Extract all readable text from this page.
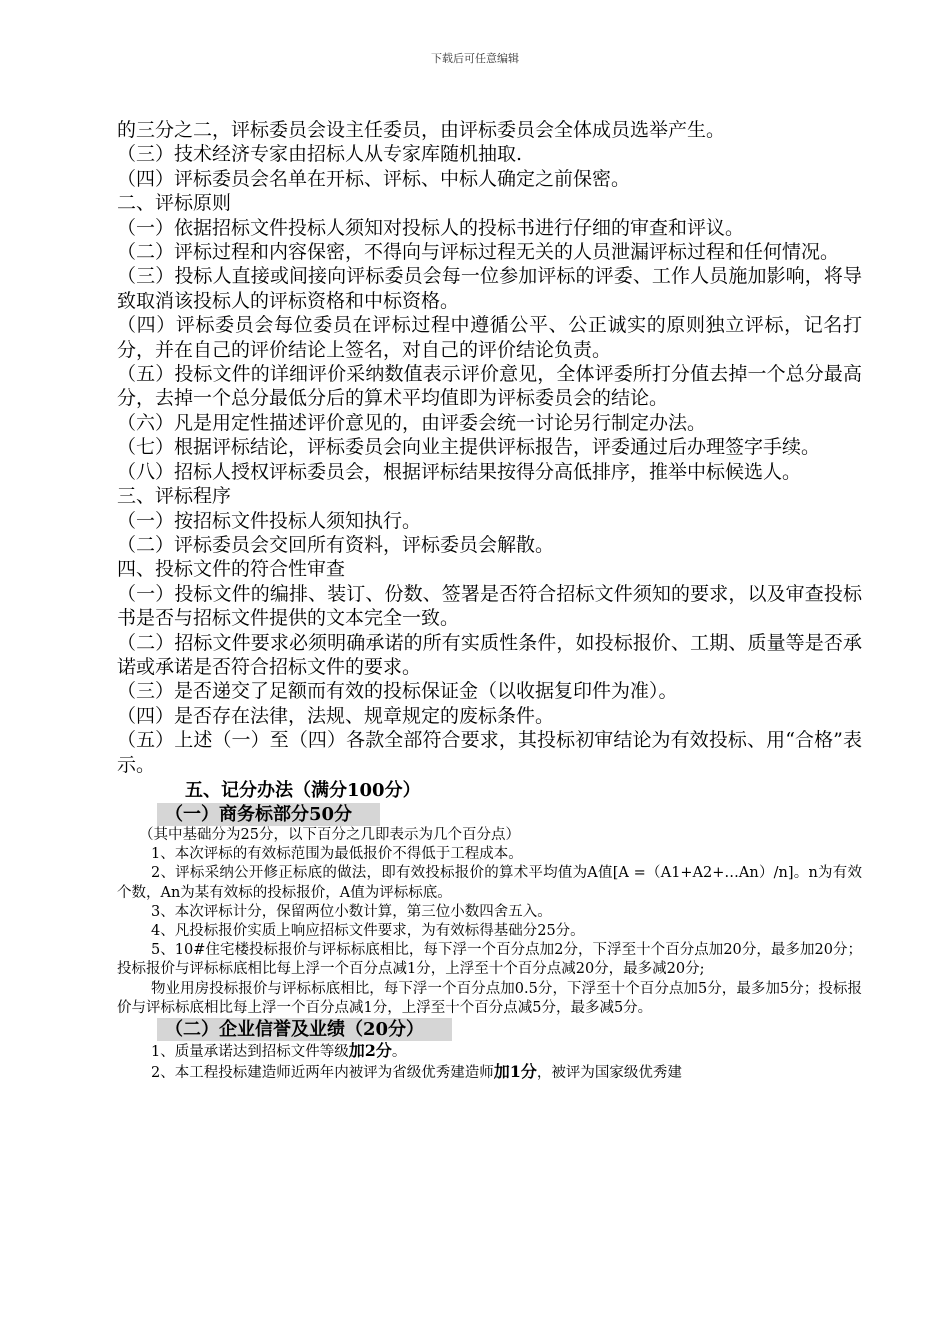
下载后可任意编辑

的三分之二，评标委员会设主任委员，由评标委员会全体成员选举产生。

（三）技术经济专家由招标人从专家库随机抽取.

（四）评标委员会名单在开标、评标、中标人确定之前保密。

二、评标原则

（一）依据招标文件投标人须知对投标人的投标书进行仔细的审查和评议。

（二）评标过程和内容保密，不得向与评标过程无关的人员泄漏评标过程和任何情况。

（三）投标人直接或间接向评标委员会每一位参加评标的评委、工作人员施加影响，将导致取消该投标人的评标资格和中标资格。

（四）评标委员会每位委员在评标过程中遵循公平、公正诚实的原则独立评标，记名打分，并在自己的评价结论上签名，对自己的评价结论负责。

（五）投标文件的详细评价采纳数值表示评价意见，全体评委所打分值去掉一个总分最高分，去掉一个总分最低分后的算术平均值即为评标委员会的结论。

（六）凡是用定性描述评价意见的，由评委会统一讨论另行制定办法。

（七）根据评标结论，评标委员会向业主提供评标报告，评委通过后办理签字手续。

（八）招标人授权评标委员会，根据评标结果按得分高低排序，推举中标候选人。

三、评标程序

（一）按招标文件投标人须知执行。

（二）评标委员会交回所有资料，评标委员会解散。

四、投标文件的符合性审查

（一）投标文件的编排、装订、份数、签署是否符合招标文件须知的要求，以及审查投标书是否与招标文件提供的文本完全一致。

（二）招标文件要求必须明确承诺的所有实质性条件，如投标报价、工期、质量等是否承诺或承诺是否符合招标文件的要求。

（三）是否递交了足额而有效的投标保证金（以收据复印件为准）。

（四）是否存在法律，法规、规章规定的废标条件。

（五）上述（一）至（四）各款全部符合要求，其投标初审结论为有效投标、用“合格”表示。

五、记分办法（满分100分）
（一）商务标部分50分

（其中基础分为25分，以下百分之几即表示为几个百分点）

1、本次评标的有效标范围为最低报价不得低于工程成本。

2、评标采纳公开修正标底的做法，即有效投标报价的算术平均值为A值[A =（A1+A2+…An）/n]。n为有效个数，An为某有效标的投标报价，A值为评标标底。

3、本次评标计分，保留两位小数计算，第三位小数四舍五入。

4、凡投标报价实质上响应招标文件要求，为有效标得基础分25分。

5、10#住宅楼投标报价与评标标底相比，每下浮一个百分点加2分，下浮至十个百分点加20分，最多加20分；投标报价与评标标底相比每上浮一个百分点减1分，上浮至十个百分点减20分，最多减20分;

物业用房投标报价与评标标底相比，每下浮一个百分点加0.5分，下浮至十个百分点加5分，最多加5分；投标报价与评标标底相比每上浮一个百分点减1分，上浮至十个百分点减5分，最多减5分。

（二）企业信誉及业绩（20分）

1、质量承诺达到招标文件等级加2分。

2、本工程投标建造师近两年内被评为省级优秀建造师加1分，被评为国家级优秀建
